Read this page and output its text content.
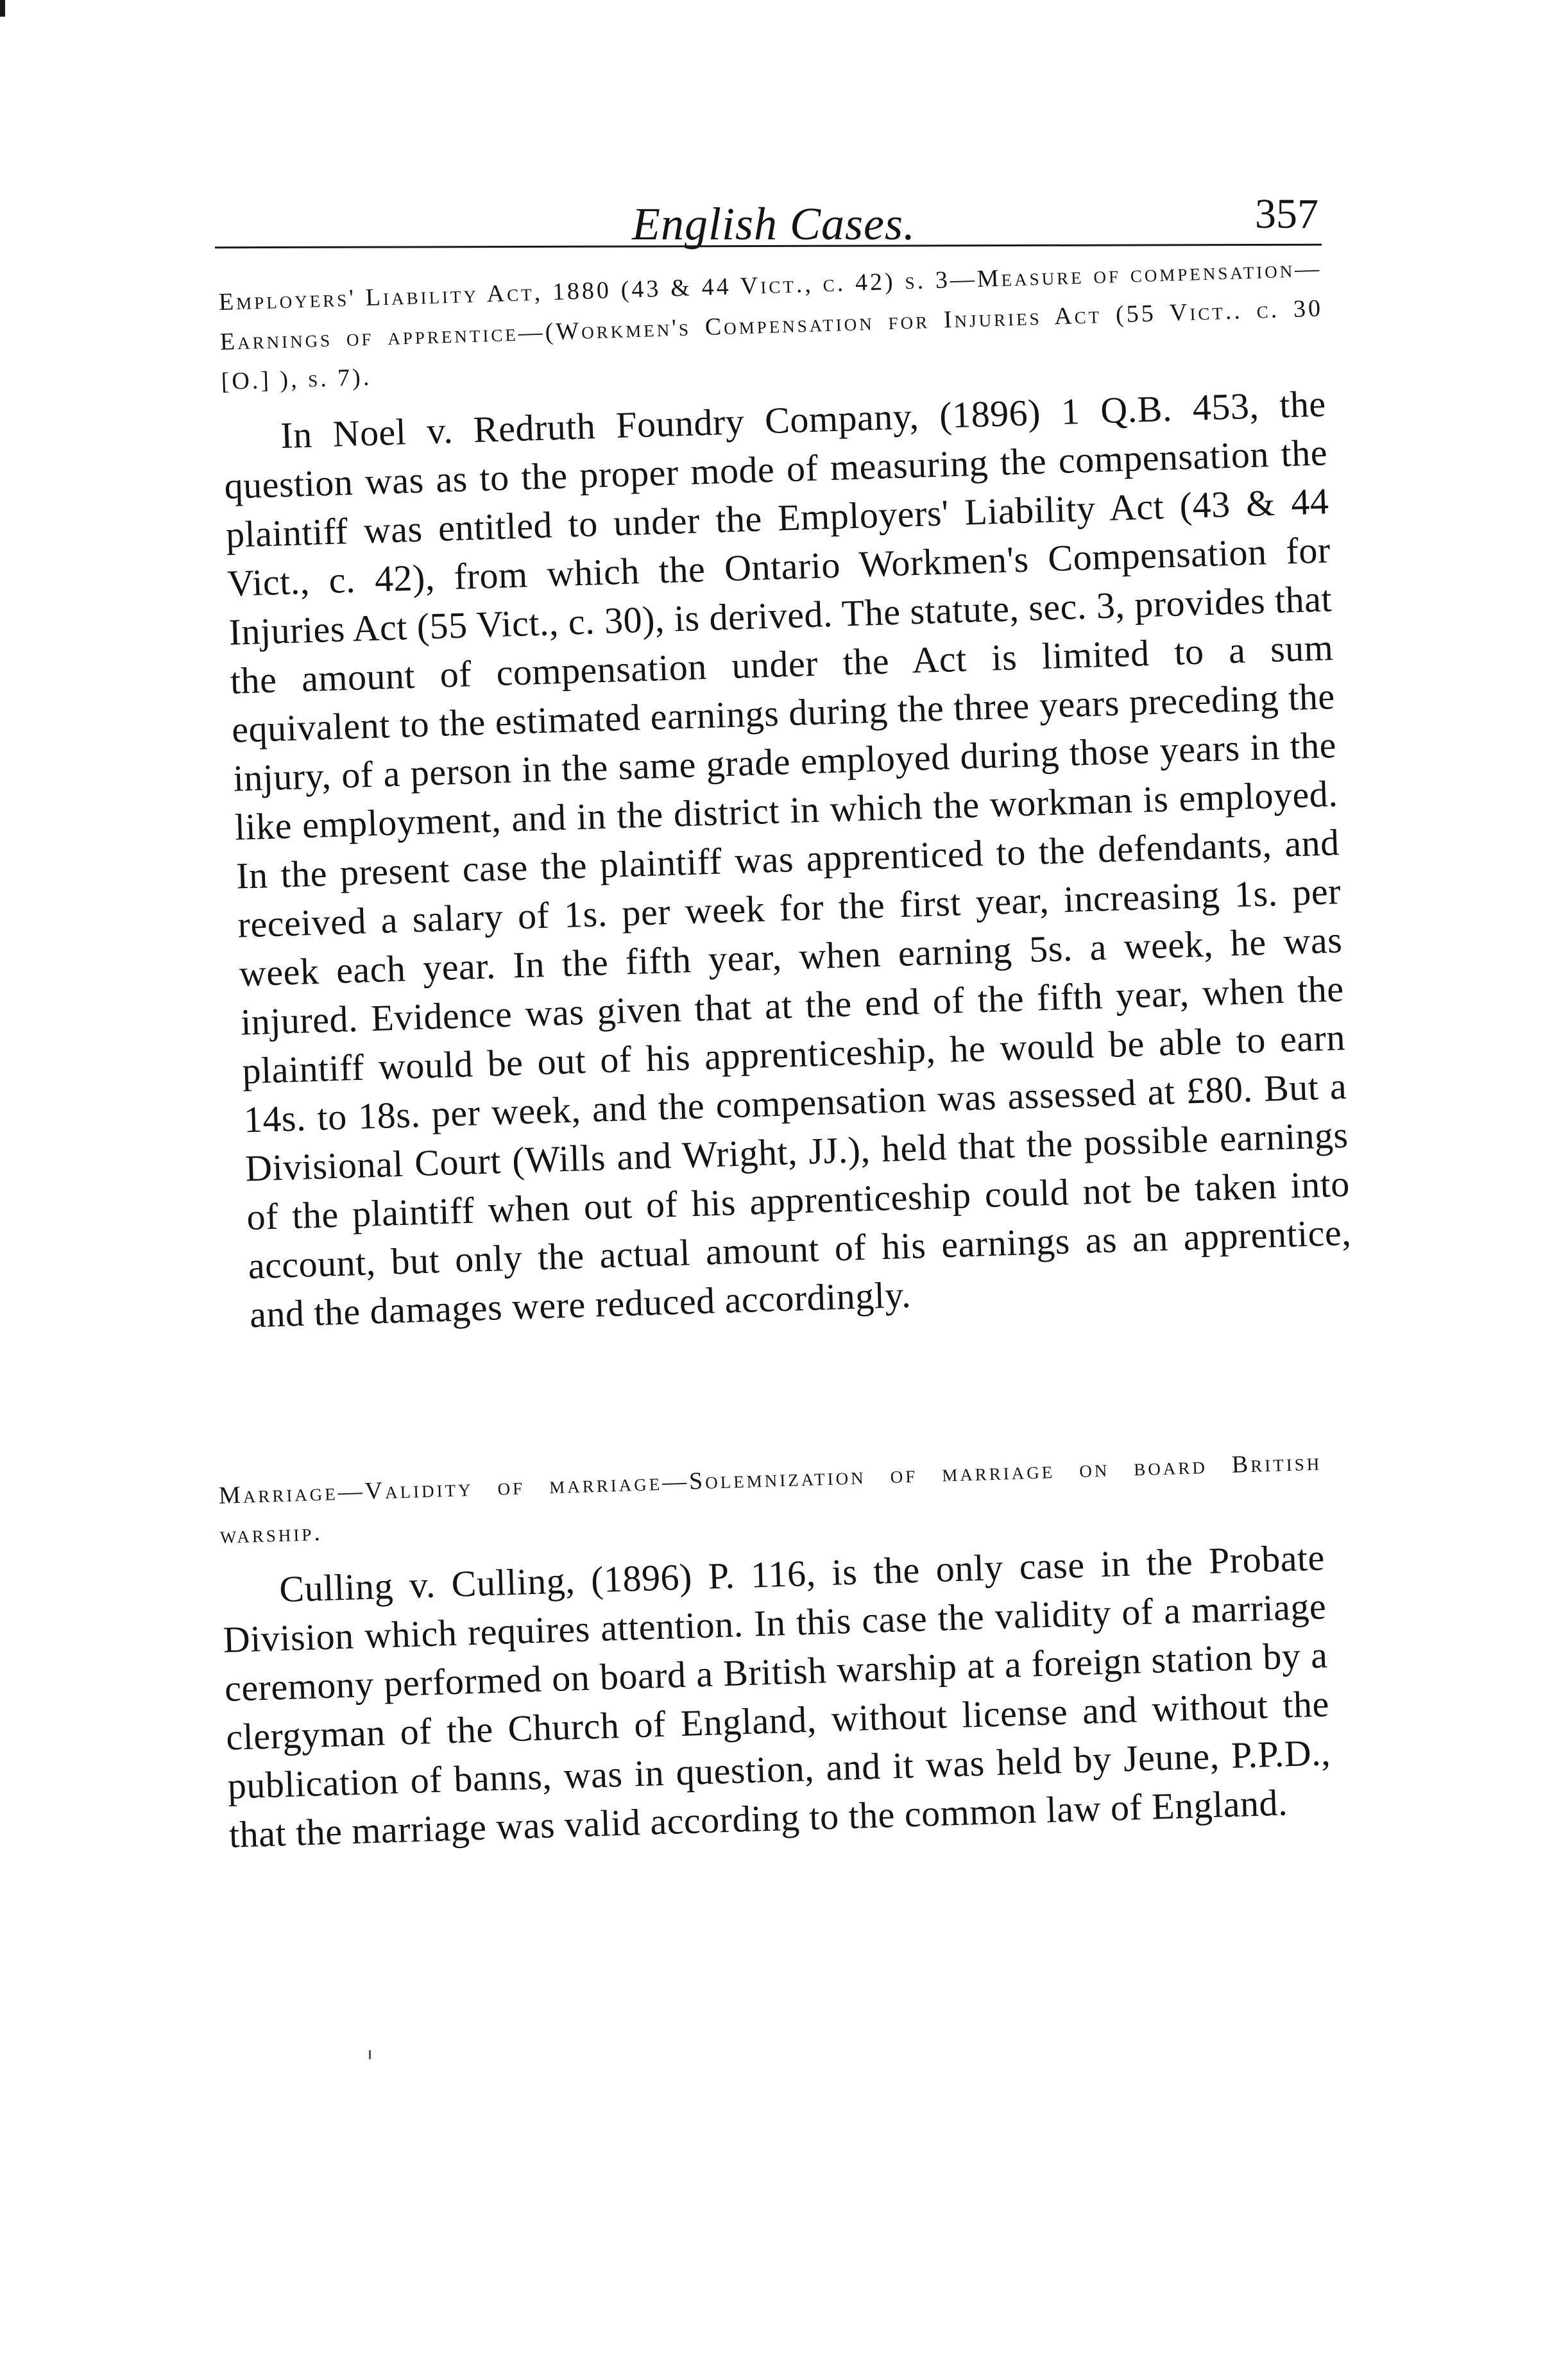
English Cases.	357

Employers' Liability Act, 1880 (43 & 44 Vict., c. 42) s. 3—Measure of compensation—Earnings of apprentice—(Workmen's Compensation for Injuries Act (55 Vict.. c. 30 [O.] ), s. 7).

In Noel v. Redruth Foundry Company, (1896) 1 Q.B. 453, the question was as to the proper mode of measuring the compensation the plaintiff was entitled to under the Employers' Liability Act (43 & 44 Vict., c. 42), from which the Ontario Workmen's Compensation for Injuries Act (55 Vict., c. 30), is derived. The statute, sec. 3, provides that the amount of compensation under the Act is limited to a sum equivalent to the estimated earnings during the three years preceding the injury, of a person in the same grade employed during those years in the like employment, and in the district in which the workman is employed. In the present case the plaintiff was apprenticed to the defendants, and received a salary of 1s. per week for the first year, increasing 1s. per week each year. In the fifth year, when earning 5s. a week, he was injured. Evidence was given that at the end of the fifth year, when the plaintiff would be out of his apprenticeship, he would be able to earn 14s. to 18s. per week, and the compensation was assessed at £80. But a Divisional Court (Wills and Wright, JJ.), held that the possible earnings of the plaintiff when out of his apprenticeship could not be taken into account, but only the actual amount of his earnings as an apprentice, and the damages were reduced accordingly.

Marriage—Validity of marriage—Solemnization of marriage on board British warship.

Culling v. Culling, (1896) P. 116, is the only case in the Probate Division which requires attention. In this case the validity of a marriage ceremony performed on board a British warship at a foreign station by a clergyman of the Church of England, without license and without the publication of banns, was in question, and it was held by Jeune, P.P.D., that the marriage was valid according to the common law of England.
